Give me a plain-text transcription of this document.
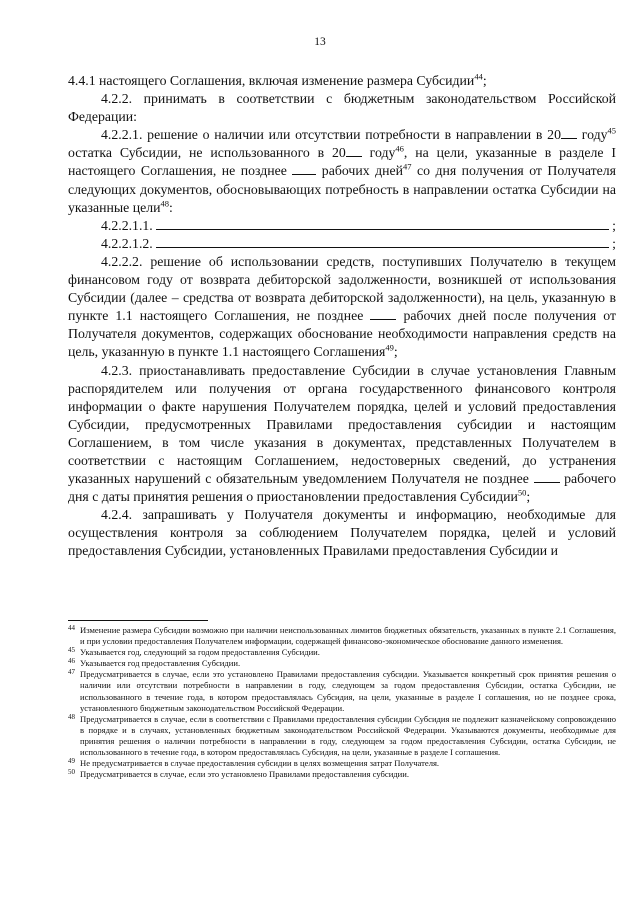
13

4.4.1 настоящего Соглашения, включая изменение размера Субсидии$^{44}$;

4.2.2. принимать в соответствии с бюджетным законодательством Российской Федерации:

4.2.2.1. решение о наличии или отсутствии потребности в направлении в 20 году$^{45}$ остатка Субсидии, не использованного в 20 году$^{46}$, на цели, указанные в разделе I настоящего Соглашения, не позднее  рабочих дней$^{47}$ со дня получения от Получателя следующих документов, обосновывающих потребность в направлении остатка Субсидии на указанные цели$^{48}$:

4.2.2.1.1.	;
4.2.2.1.2.	;

4.2.2.2. решение об использовании средств, поступивших Получателю в текущем финансовом году от возврата дебиторской задолженности, возникшей от использования Субсидии (далее – средства от возврата дебиторской задолженности), на цель, указанную в пункте 1.1 настоящего Соглашения, не позднее  рабочих дней после получения от Получателя документов, содержащих обоснование необходимости направления средств на цель, указанную в пункте 1.1 настоящего Соглашения$^{49}$;

4.2.3. приостанавливать предоставление Субсидии в случае установления Главным распорядителем или получения от органа государственного финансового контроля информации о факте нарушения Получателем порядка, целей и условий предоставления Субсидии, предусмотренных Правилами предоставления субсидии и настоящим Соглашением, в том числе указания в документах, представленных Получателем в соответствии с настоящим Соглашением, недостоверных сведений, до устранения указанных нарушений с обязательным уведомлением Получателя не позднее  рабочего дня с даты принятия решения о приостановлении предоставления Субсидии$^{50}$;

4.2.4. запрашивать у Получателя документы и информацию, необходимые для осуществления контроля за соблюдением Получателем порядка, целей и условий предоставления Субсидии, установленных Правилами предоставления Субсидии и

44 Изменение размера Субсидии возможно при наличии неиспользованных лимитов бюджетных обязательств, указанных в пункте 2.1 Соглашения, и при условии предоставления Получателем информации, содержащей финансово-экономическое обоснование данного изменения.
45 Указывается год, следующий за годом предоставления Субсидии.
46 Указывается год предоставления Субсидии.
47 Предусматривается в случае, если это установлено Правилами предоставления субсидии. Указывается конкретный срок принятия решения о наличии или отсутствии потребности в направлении в году, следующем за годом предоставления Субсидии, остатка Субсидии, не использованного в течение года, в котором предоставлялась Субсидия, на цели, указанные в разделе I соглашения, но не позднее срока, установленного бюджетным законодательством Российской Федерации.
48 Предусматривается в случае, если в соответствии с Правилами предоставления субсидии Субсидия не подлежит казначейскому сопровождению в порядке и в случаях, установленных бюджетным законодательством Российской Федерации. Указываются документы, необходимые для принятия решения о наличии потребности в направлении в году, следующем за годом предоставления Субсидии, остатка Субсидии, не использованного в течение года, в котором предоставлялась Субсидия, на цели, указанные в разделе I соглашения.
49 Не предусматривается в случае предоставления субсидии в целях возмещения затрат Получателя.
50 Предусматривается в случае, если это установлено Правилами предоставления субсидии.
